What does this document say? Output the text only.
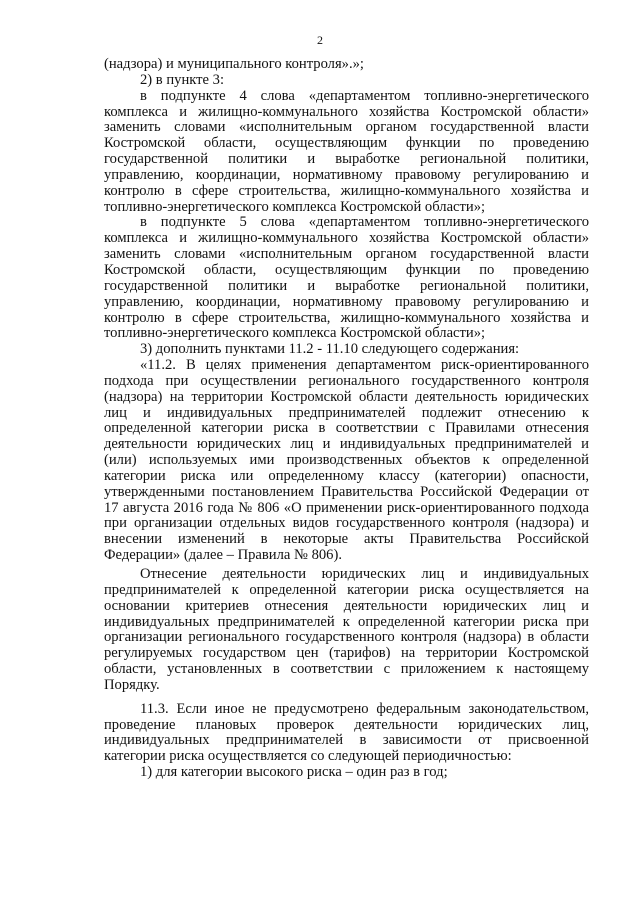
2

(надзора) и муниципального контроля».»;

2) в пункте 3:

в подпункте 4 слова «департаментом топливно-энергетического комплекса и жилищно-коммунального хозяйства Костромской области» заменить словами «исполнительным органом государственной власти Костромской области, осуществляющим функции по проведению государственной политики и выработке региональной политики, управлению, координации, нормативному правовому регулированию и контролю в сфере строительства, жилищно-коммунального хозяйства и топливно-энергетического комплекса Костромской области»;

в подпункте 5 слова «департаментом топливно-энергетического комплекса и жилищно-коммунального хозяйства Костромской области» заменить словами «исполнительным органом государственной власти Костромской области, осуществляющим функции по проведению государственной политики и выработке региональной политики, управлению, координации, нормативному правовому регулированию и контролю в сфере строительства, жилищно-коммунального хозяйства и топливно-энергетического комплекса Костромской области»;

3) дополнить пунктами 11.2 - 11.10 следующего содержания:

«11.2. В целях применения департаментом риск-ориентированного подхода при осуществлении регионального государственного контроля (надзора) на территории Костромской области деятельность юридических лиц и индивидуальных предпринимателей подлежит отнесению к определенной категории риска в соответствии с Правилами отнесения деятельности юридических лиц и индивидуальных предпринимателей и (или) используемых ими производственных объектов к определенной категории риска или определенному классу (категории) опасности, утвержденными постановлением Правительства Российской Федерации от 17 августа 2016 года № 806 «О применении риск-ориентированного подхода при организации отдельных видов государственного контроля (надзора) и внесении изменений в некоторые акты Правительства Российской Федерации» (далее – Правила № 806).

Отнесение деятельности юридических лиц и индивидуальных предпринимателей к определенной категории риска осуществляется на основании критериев отнесения деятельности юридических лиц и индивидуальных предпринимателей к определенной категории риска при организации регионального государственного контроля (надзора) в области регулируемых государством цен (тарифов) на территории Костромской области, установленных в соответствии с приложением к настоящему Порядку.

11.3. Если иное не предусмотрено федеральным законодательством, проведение плановых проверок деятельности юридических лиц, индивидуальных предпринимателей в зависимости от присвоенной категории риска осуществляется со следующей периодичностью:

1) для категории высокого риска – один раз в год;
